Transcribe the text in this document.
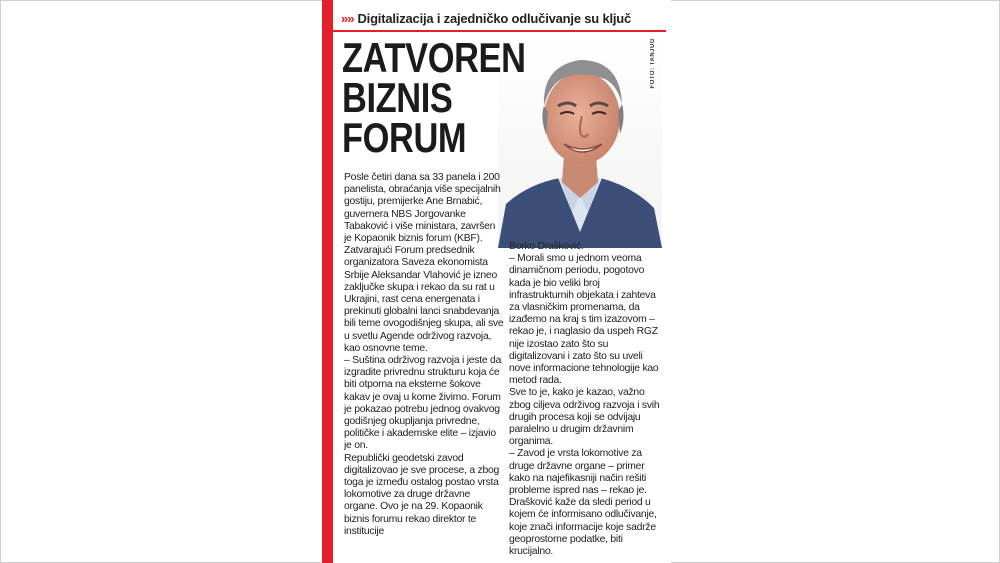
»» Digitalizacija i zajedničko odlučivanje su ključ
FOTO: TANJUG
ZATVOREN
BIZNIS
FORUM

Posle četiri dana sa 33 panela i 200 panelista, obraćanja više specijalnih gostiju, premijerke Ane Brnabić, guvernera NBS Jorgovanke Tabaković i više ministara, završen je Kopaonik biznis forum (KBF).

Zatvarajući Forum predsednik organizatora Saveza ekonomista Srbije Aleksandar Vlahović je izneo zaključke skupa i rekao da su rat u Ukrajini, rast cena energenata i prekinuti globalni lanci snabdevanja bili teme ovogodišnjeg skupa, ali sve u svetlu Agende održivog razvoja, kao osnovne teme.

– Suština održivog razvoja i jeste da izgradite privrednu strukturu koja će biti otporna na eksterne šokove kakav je ovaj u kome živimo. Forum je pokazao potrebu jednog ovakvog godišnjeg okupljanja privredne, političke i akademske elite – izjavio je on.

Republički geodetski zavod digitalizovao je sve procese, a zbog toga je između ostalog postao vrsta lokomotive za druge državne organe. Ovo je na 29. Kopaonik biznis forumu rekao direktor te institucije

Borko Drašković.

– Morali smo u jednom veoma dinamičnom periodu, pogotovo kada je bio veliki broj infrastrukturnih objekata i zahteva za vlasničkim promenama, da izađemo na kraj s tim izazovom – rekao je, i naglasio da uspeh RGZ nije izostao zato što su digitalizovani i zato što su uveli nove informacione tehnologije kao metod rada.

Sve to je, kako je kazao, važno zbog ciljeva održivog razvoja i svih drugih procesa koji se odvijaju paralelno u drugim državnim organima.

– Zavod je vrsta lokomotive za druge državne organe – primer kako na najefikasniji način rešiti probleme ispred nas – rekao je. Drašković kaže da sledi period u kojem će informisano odlučivanje, koje znači informacije koje sadrže geoprostorne podatke, biti krucijalno.
